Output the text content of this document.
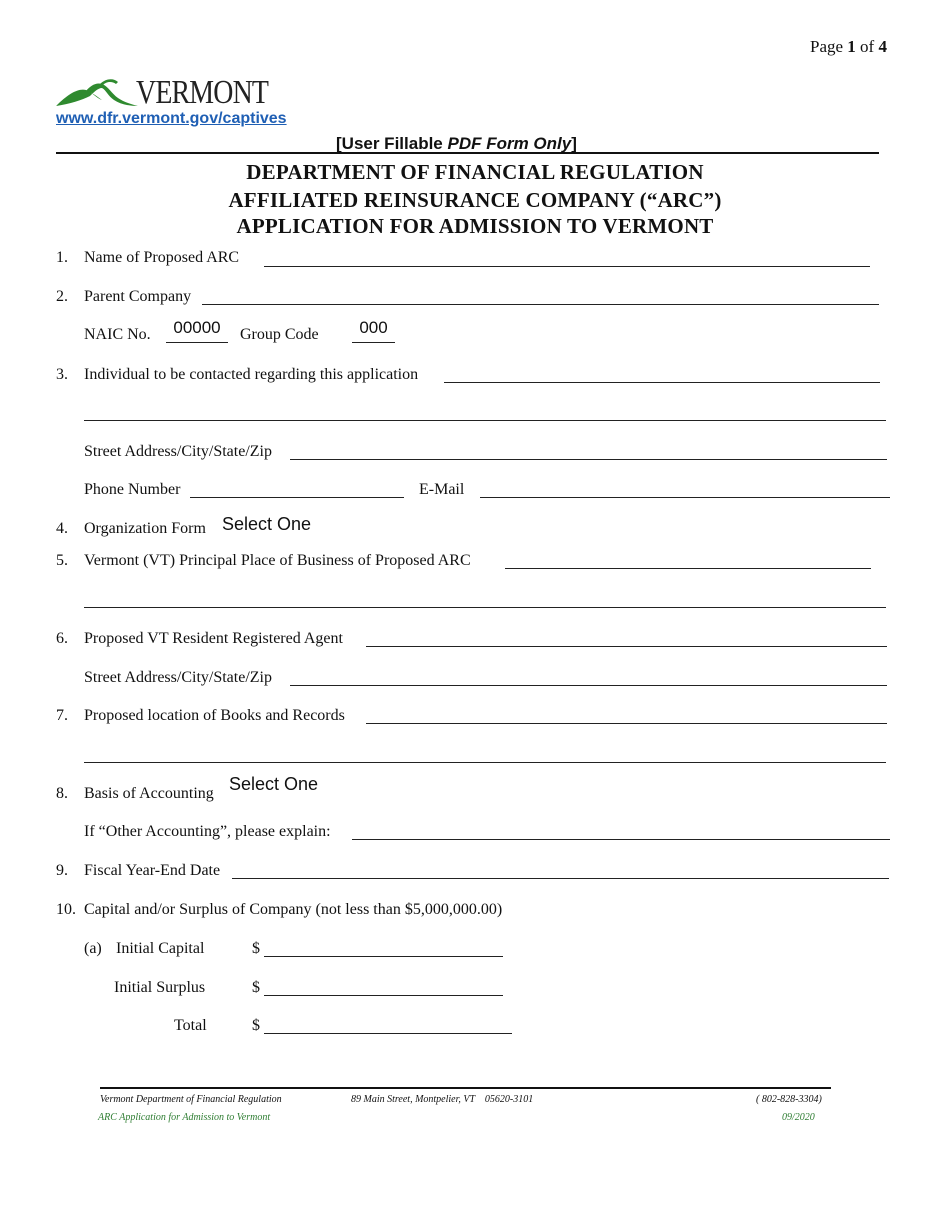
Page 1 of 4
VERMONT
www.dfr.vermont.gov/captives
[User Fillable PDF Form Only]
DEPARTMENT OF FINANCIAL REGULATION
AFFILIATED REINSURANCE COMPANY (“ARC”)
APPLICATION FOR ADMISSION TO VERMONT
1. Name of Proposed ARC
2. Parent Company
NAIC No.	00000	Group Code	000
3. Individual to be contacted regarding this application
Street Address/City/State/Zip
Phone Number	E-Mail
4. Organization Form Select One
5. Vermont (VT) Principal Place of Business of Proposed ARC
6. Proposed VT Resident Registered Agent
Street Address/City/State/Zip
7. Proposed location of Books and Records
8. Basis of Accounting Select One
If “Other Accounting”, please explain:
9. Fiscal Year-End Date
10. Capital and/or Surplus of Company (not less than $5,000,000.00)
(a) Initial Capital	$
Initial Surplus	$
Total	$
Vermont Department of Financial Regulation	89 Main Street, Montpelier, VT    05620-3101	( 802-828-3304)
ARC Application for Admission to Vermont	09/2020
